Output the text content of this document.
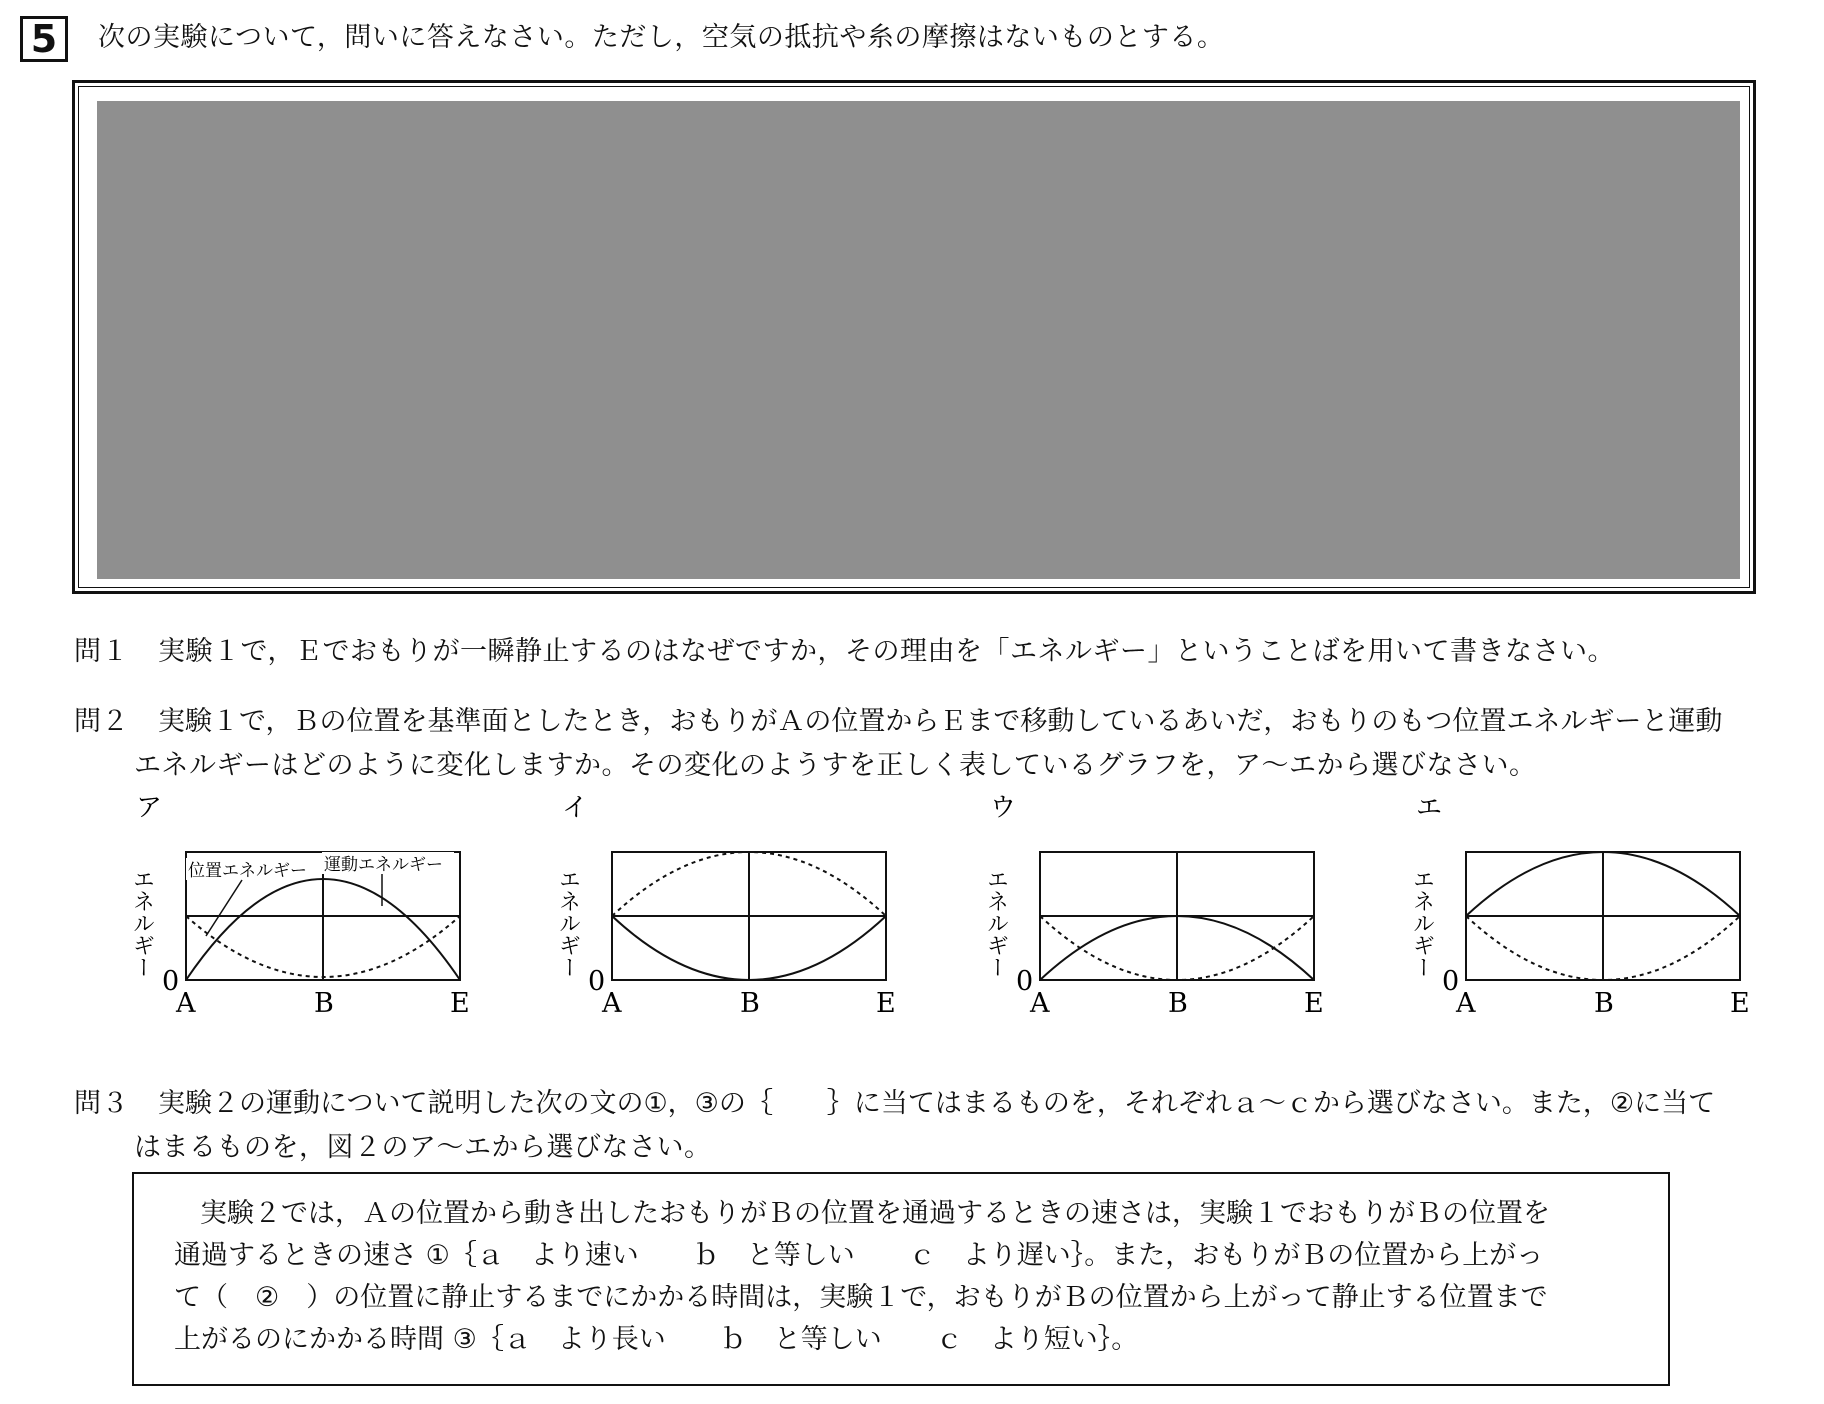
5	次の実験について，問いに答えなさい。ただし，空気の抵抗や糸の摩擦はないものとする。
問１ 実験１で，Ｅでおもりが一瞬静止するのはなぜですか，その理由を「エネルギー」ということばを用いて書きなさい。
問２ 実験１で，Ｂの位置を基準面としたとき，おもりがＡの位置からＥまで移動しているあいだ，おもりのもつ位置エネルギーと運動
エネルギーはどのように変化しますか。その変化のようすを正しく表しているグラフを，ア～エから選びなさい。
ア
エネルギー 位置エネルギー 運動エネルギー
0
A	B	E
イ
エネルギー
0
A	B	E
ウ
エネルギー
0
A	B	E
エ
エネルギー
0
A	B	E
問３ 実験２の運動について説明した次の文の①，③の｛　　｝に当てはまるものを，それぞれａ～ｃから選びなさい。また，②に当て
はまるものを，図２のア～エから選びなさい。
実験２では，Ａの位置から動き出したおもりがＢの位置を通過するときの速さは，実験１でおもりがＢの位置を
通過するときの速さ ①｛ａ　より速い　　ｂ　と等しい　　ｃ　より遅い｝。また，おもりがＢの位置から上がっ
て（　②　）の位置に静止するまでにかかる時間は，実験１で，おもりがＢの位置から上がって静止する位置まで
上がるのにかかる時間 ③｛ａ　より長い　　ｂ　と等しい　　ｃ　より短い｝。
